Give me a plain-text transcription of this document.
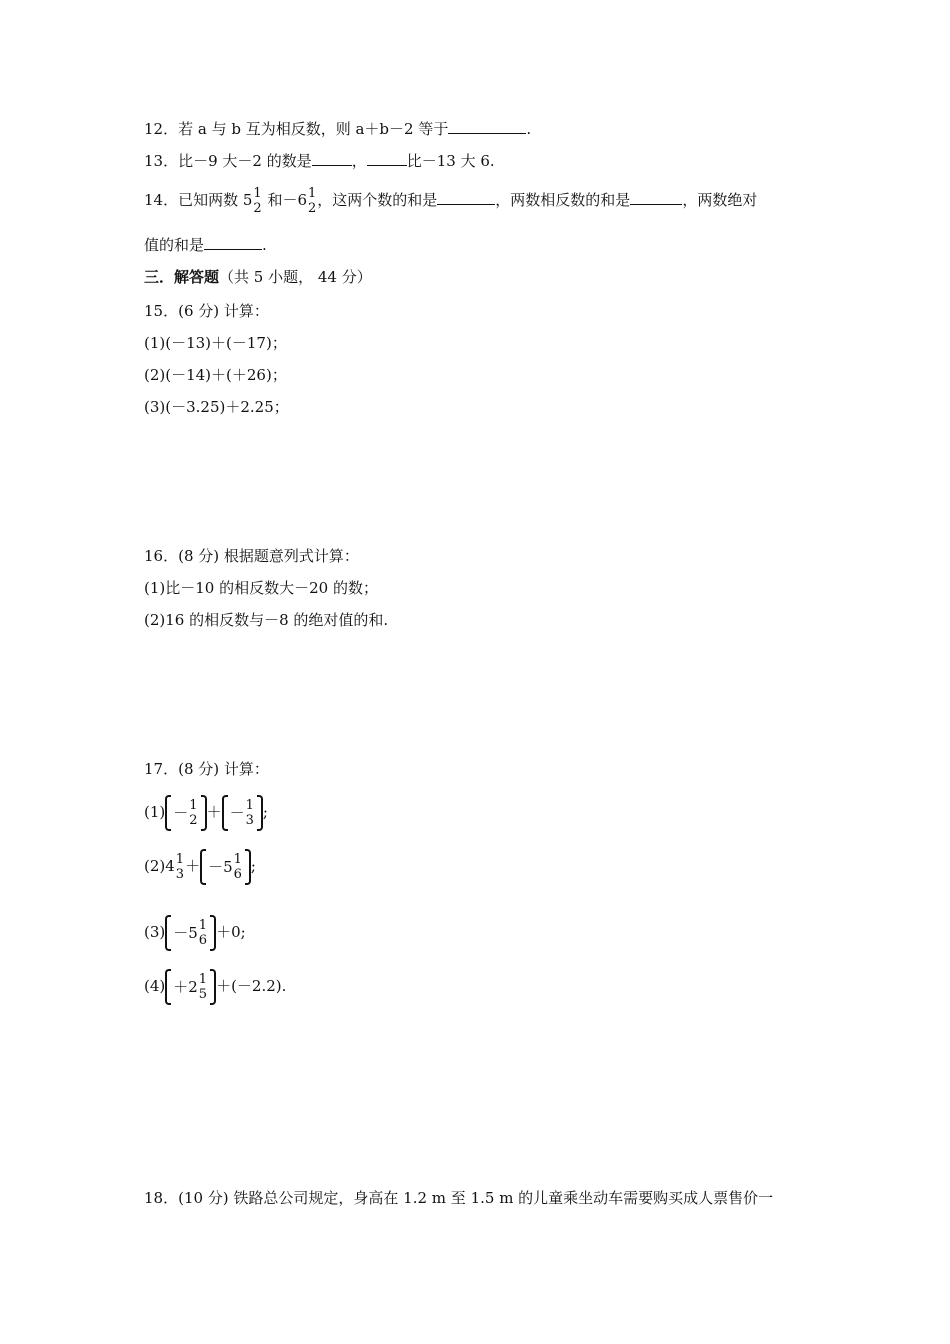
12．若 a 与 b 互为相反数，则 a＋b－2 等于	.
13．比－9 大－2 的数是	，	比－13 大 6.
14．已知两数 5 1
2 和－6 1
2 ，这两个数的和是	，两数相反数的和是	，两数绝对
值的和是	.
三．解答题（共 5 小题， 44 分）
15．(6 分) 计算：
(1)(－13)＋(－17)；
(2)(－14)＋(＋26)；
(3)(－3.25)＋2.25；
16．(8 分) 根据题意列式计算：
(1)比－10 的相反数大－20 的数；
(2)16 的相反数与－8 的绝对值的和.
17．(8 分) 计算：
(1) － 1
2 ＋ － 1
3 ;
(2)4 1
3 ＋ －5 1
6 ;
(3) －5 1
6 ＋0;
(4) ＋2 1
5 ＋(－2.2).
18．(10 分) 铁路总公司规定，身高在 1.2 m 至 1.5 m 的儿童乘坐动车需要购买成人票售价一
